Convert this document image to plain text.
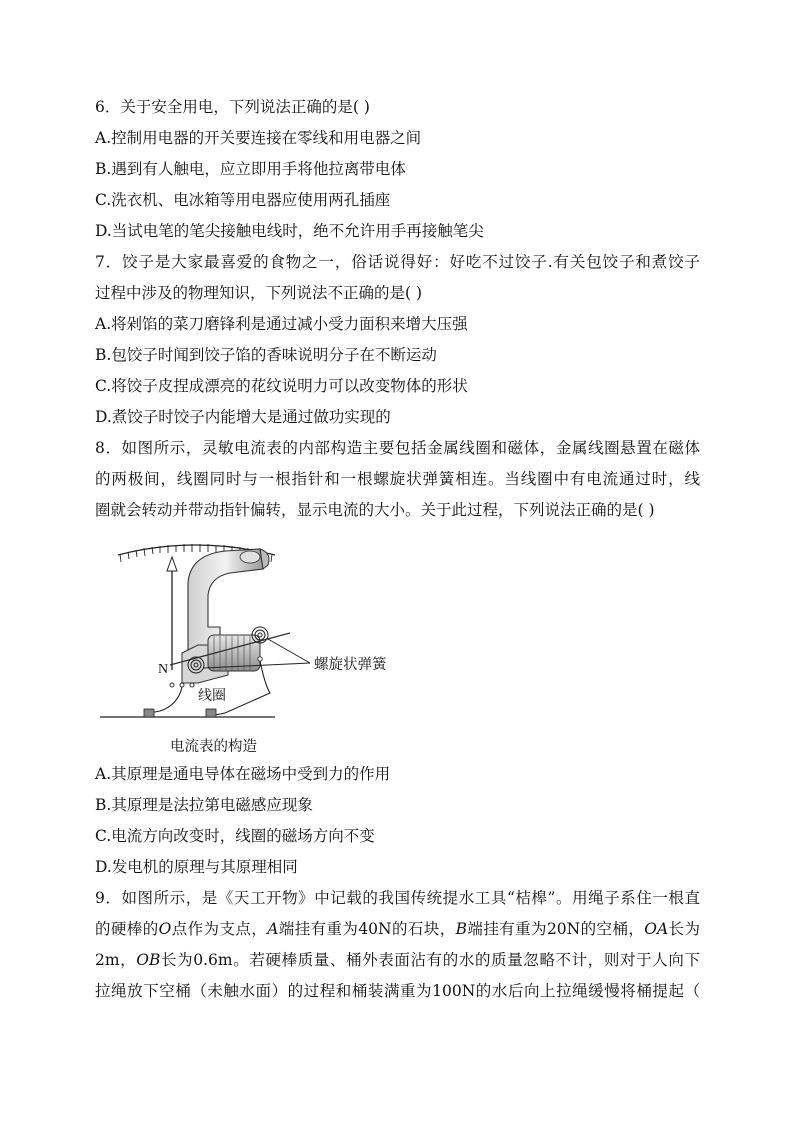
6．关于安全用电，下列说法正确的是( )
A.控制用电器的开关要连接在零线和用电器之间
B.遇到有人触电，应立即用手将他拉离带电体
C.洗衣机、电冰箱等用电器应使用两孔插座
D.当试电笔的笔尖接触电线时，绝不允许用手再接触笔尖
7．饺子是大家最喜爱的食物之一，俗话说得好：好吃不过饺子.有关包饺子和煮饺子
过程中涉及的物理知识，下列说法不正确的是( )
A.将剁馅的菜刀磨锋利是通过减小受力面积来增大压强
B.包饺子时闻到饺子馅的香味说明分子在不断运动
C.将饺子皮捏成漂亮的花纹说明力可以改变物体的形状
D.煮饺子时饺子内能增大是通过做功实现的
8．如图所示，灵敏电流表的内部构造主要包括金属线圈和磁体，金属线圈悬置在磁体
的两极间，线圈同时与一根指针和一根螺旋状弹簧相连。当线圈中有电流通过时，线
圈就会转动并带动指针偏转，显示电流的大小。关于此过程，下列说法正确的是( )
N
线圈
螺旋状弹簧
电流表的构造
A.其原理是通电导体在磁场中受到力的作用
B.其原理是法拉第电磁感应现象
C.电流方向改变时，线圈的磁场方向不变
D.发电机的原理与其原理相同
9．如图所示，是《天工开物》中记载的我国传统提水工具“桔槔”。用绳子系住一根直
的硬棒的O点作为支点，A端挂有重为40N的石块，B端挂有重为20N的空桶，OA长为
2m，OB长为0.6m。若硬棒质量、桶外表面沾有的水的质量忽略不计，则对于人向下
拉绳放下空桶（未触水面）的过程和桶装满重为100N的水后向上拉绳缓慢将桶提起（
